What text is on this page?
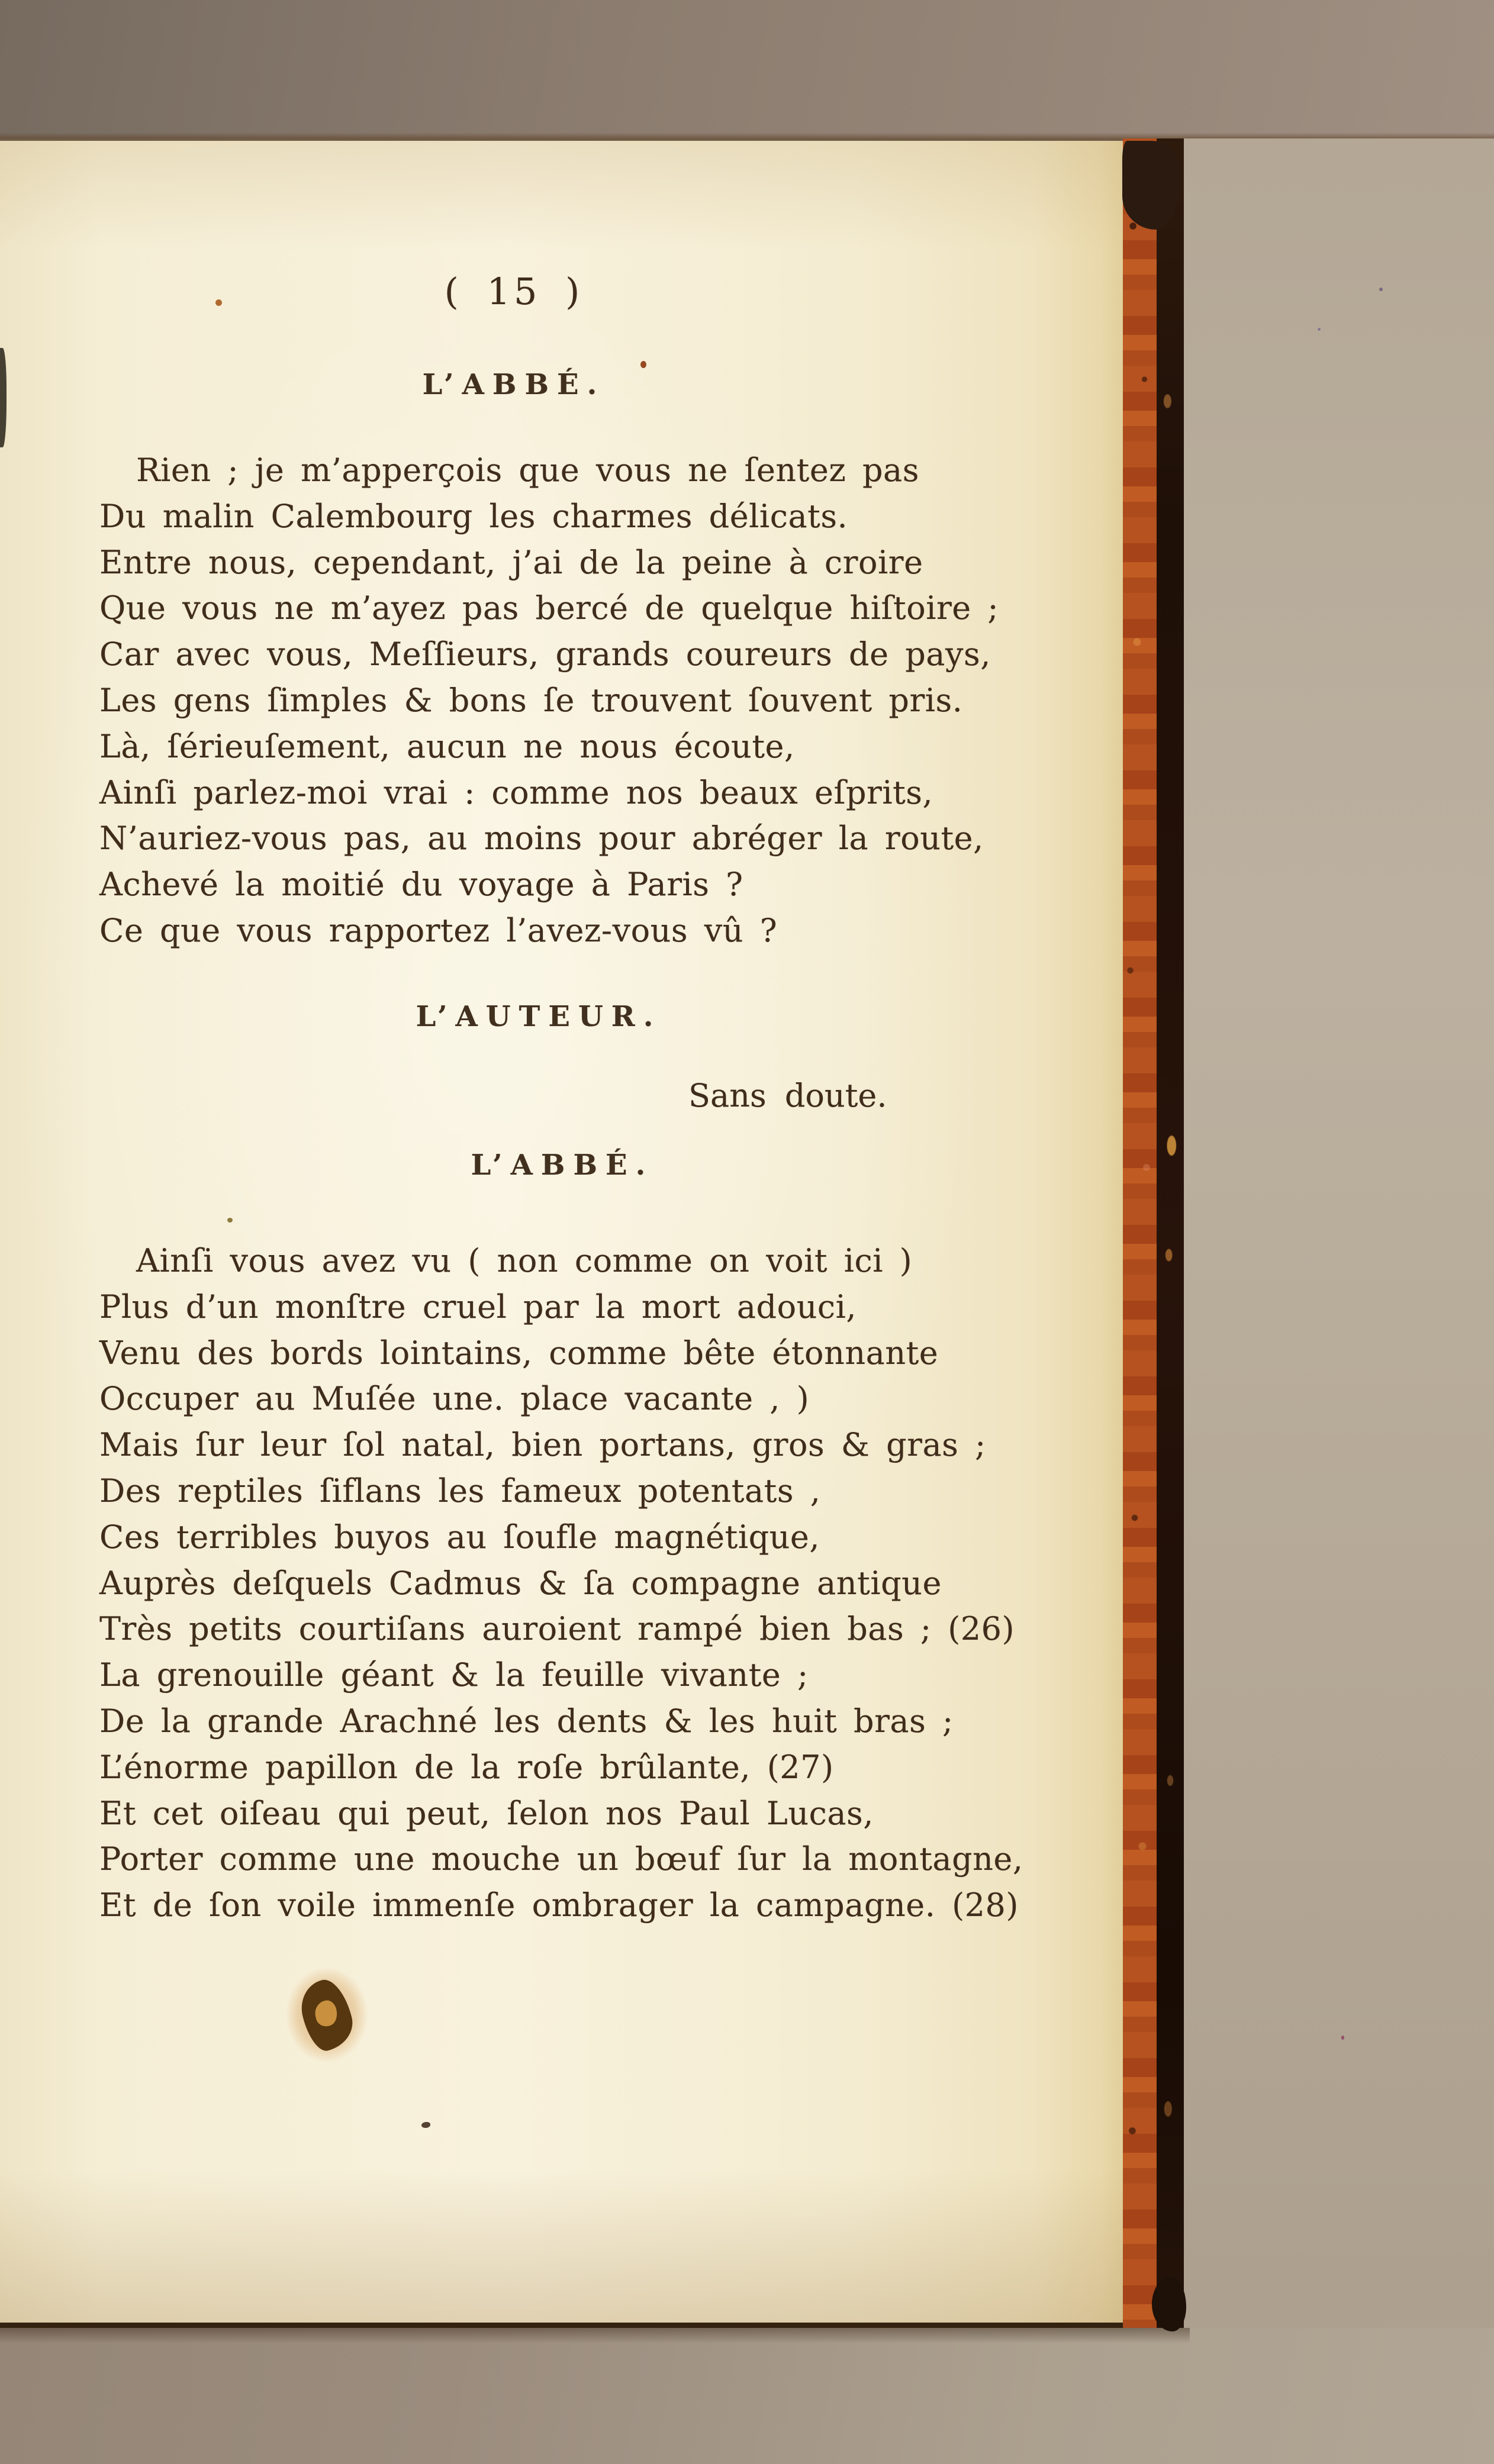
( 15 )
L’ABBÉ.
Rien ; je m’apperçois que vous ne ſentez pas
Du malin Calembourg les charmes délicats.
Entre nous, cependant, j’ai de la peine à croire
Que vous ne m’ayez pas bercé de quelque hiſtoire ;
Car avec vous, Meſſieurs, grands coureurs de pays,
Les gens ſimples & bons ſe trouvent ſouvent pris.
Là, ſérieuſement, aucun ne nous écoute,
Ainſi parlez-moi vrai : comme nos beaux eſprits,
N’auriez-vous pas, au moins pour abréger la route,
Achevé la moitié du voyage à Paris ?
Ce que vous rapportez l’avez-vous vû ?
L’AUTEUR.
Sans doute.
L’ABBÉ.
Ainſi vous avez vu ( non comme on voit ici )
Plus d’un monſtre cruel par la mort adouci,
Venu des bords lointains, comme bête étonnante
Occuper au Muſée une. place vacante , )
Mais ſur leur ſol natal, bien portans, gros & gras ;
Des reptiles ſiflans les fameux potentats ,
Ces terribles buyos au ſoufle magnétique,
Auprès deſquels Cadmus & ſa compagne antique
Très petits courtiſans auroient rampé bien bas ; (26)
La grenouille géant & la feuille vivante ;
De la grande Arachné les dents & les huit bras ;
L’énorme papillon de la roſe brûlante, (27)
Et cet oiſeau qui peut, ſelon nos Paul Lucas,
Porter comme une mouche un bœuf ſur la montagne,
Et de ſon voile immenſe ombrager la campagne. (28)
